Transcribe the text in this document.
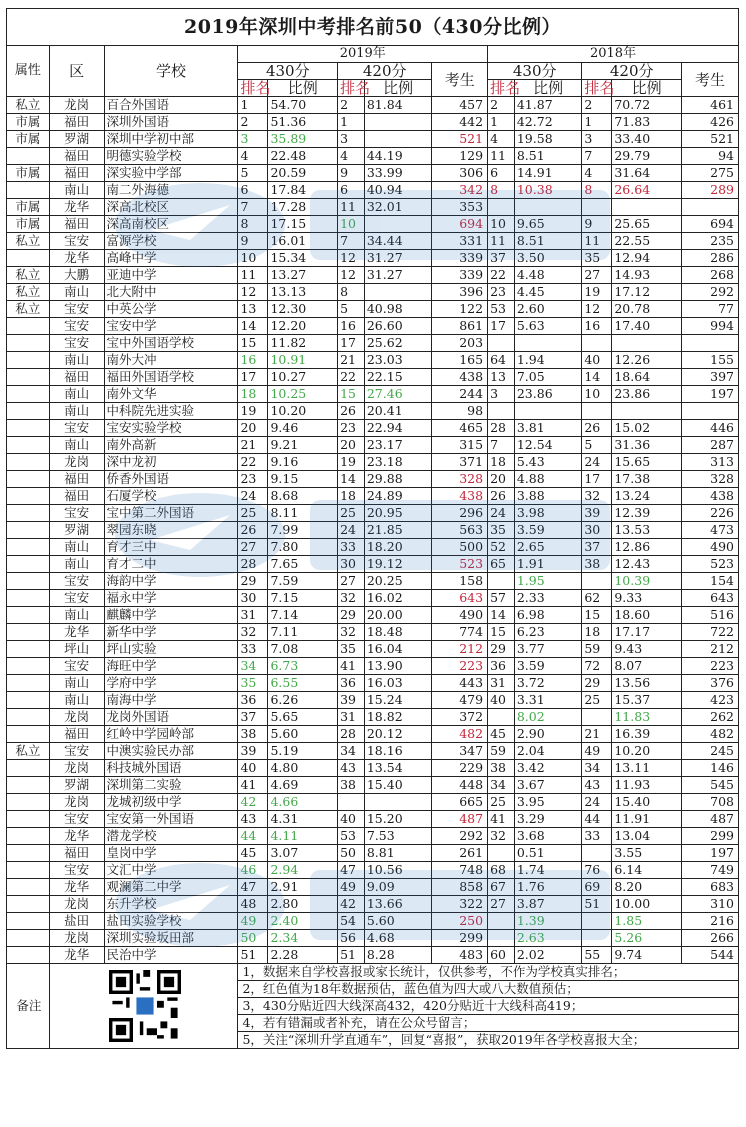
2019年深圳中考排名前50（430分比例）												
属性	区	学校	2019年					2018年				
			430分		420分		考生	430分		420分		考生
			排名	比例	排名	比例		排名	比例	排名	比例	
私立	龙岗	百合外国语	1	54.70	2	81.84	457	2	41.87	2	70.72	461
市属	福田	深圳外国语	2	51.36	1		442	1	42.72	1	71.83	426
市属	罗湖	深圳中学初中部	3	35.89	3		521	4	19.58	3	33.40	521
	福田	明德实验学校	4	22.48	4	44.19	129	11	8.51	7	29.79	94
市属	福田	深实验中学部	5	20.59	9	33.99	306	6	14.91	4	31.64	275
	南山	南二外海德	6	17.84	6	40.94	342	8	10.38	8	26.64	289
市属	龙华	深高北校区	7	17.28	11	32.01	353					
市属	福田	深高南校区	8	17.15	10		694	10	9.65	9	25.65	694
私立	宝安	富源学校	9	16.01	7	34.44	331	11	8.51	11	22.55	235
	龙华	高峰中学	10	15.34	12	31.27	339	37	3.50	35	12.94	286
私立	大鹏	亚迪中学	11	13.27	12	31.27	339	22	4.48	27	14.93	268
私立	南山	北大附中	12	13.13	8		396	23	4.45	19	17.12	292
私立	宝安	中英公学	13	12.30	5	40.98	122	53	2.60	12	20.78	77
	宝安	宝安中学	14	12.20	16	26.60	861	17	5.63	16	17.40	994
	宝安	宝中外国语学校	15	11.82	17	25.62	203					
	南山	南外大冲	16	10.91	21	23.03	165	64	1.94	40	12.26	155
	福田	福田外国语学校	17	10.27	22	22.15	438	13	7.05	14	18.64	397
	南山	南外文华	18	10.25	15	27.46	244	3	23.86	10	23.86	197
	南山	中科院先进实验	19	10.20	26	20.41	98					
	宝安	宝安实验学校	20	9.46	23	22.94	465	28	3.81	26	15.02	446
	南山	南外高新	21	9.21	20	23.17	315	7	12.54	5	31.36	287
	龙岗	深中龙初	22	9.16	19	23.18	371	18	5.43	24	15.65	313
	福田	侨香外国语	23	9.15	14	29.88	328	20	4.88	17	17.38	328
	福田	石厦学校	24	8.68	18	24.89	438	26	3.88	32	13.24	438
	宝安	宝中第二外国语	25	8.11	25	20.95	296	24	3.98	39	12.39	226
	罗湖	翠园东晓	26	7.99	24	21.85	563	35	3.59	30	13.53	473
	南山	育才三中	27	7.80	33	18.20	500	52	2.65	37	12.86	490
	南山	育才二中	28	7.65	30	19.12	523	65	1.91	38	12.43	523
	宝安	海韵中学	29	7.59	27	20.25	158		1.95		10.39	154
	宝安	福永中学	30	7.15	32	16.02	643	57	2.33	62	9.33	643
	南山	麒麟中学	31	7.14	29	20.00	490	14	6.98	15	18.60	516
	龙华	新华中学	32	7.11	32	18.48	774	15	6.23	18	17.17	722
	坪山	坪山实验	33	7.08	35	16.04	212	29	3.77	59	9.43	212
	宝安	海旺中学	34	6.73	41	13.90	223	36	3.59	72	8.07	223
	南山	学府中学	35	6.55	36	16.03	443	31	3.72	29	13.56	376
	南山	南海中学	36	6.26	39	15.24	479	40	3.31	25	15.37	423
	龙岗	龙岗外国语	37	5.65	31	18.82	372		8.02		11.83	262
	福田	红岭中学园岭部	38	5.60	28	20.12	482	45	2.90	21	16.39	482
私立	宝安	中澳实验民办部	39	5.19	34	18.16	347	59	2.04	49	10.20	245
	龙岗	科技城外国语	40	4.80	43	13.54	229	38	3.42	34	13.11	146
	罗湖	深圳第二实验	41	4.69	38	15.40	448	34	3.67	43	11.93	545
	龙岗	龙城初级中学	42	4.66			665	25	3.95	24	15.40	708
	宝安	宝安第一外国语	43	4.31	40	15.20	487	41	3.29	44	11.91	487
	龙华	潜龙学校	44	4.11	53	7.53	292	32	3.68	33	13.04	299
	福田	皇岗中学	45	3.07	50	8.81	261		0.51		3.55	197
	宝安	文汇中学	46	2.94	47	10.56	748	68	1.74	76	6.14	749
	龙华	观澜第二中学	47	2.91	49	9.09	858	67	1.76	69	8.20	683
	龙岗	东升学校	48	2.80	42	13.66	322	27	3.87	51	10.00	310
	盐田	盐田实验学校	49	2.40	54	5.60	250		1.39		1.85	216
	龙岗	深圳实验坂田部	50	2.34	56	4.68	299		2.63		5.26	266
	龙华	民治中学	51	2.28	51	8.28	483	60	2.02	55	9.74	544
备注			1，数据来自学校喜报或家长统计，仅供参考，不作为学校真实排名；									
			2，红色值为18年数据预估，蓝色值为四大或八大数值预估；									
			3，430分贴近四大线深高432，420分贴近十大线科高419；									
			4，若有错漏或者补充，请在公众号留言；									
			5，关注“深圳升学直通车”，回复“喜报”，获取2019年各学校喜报大全；									
